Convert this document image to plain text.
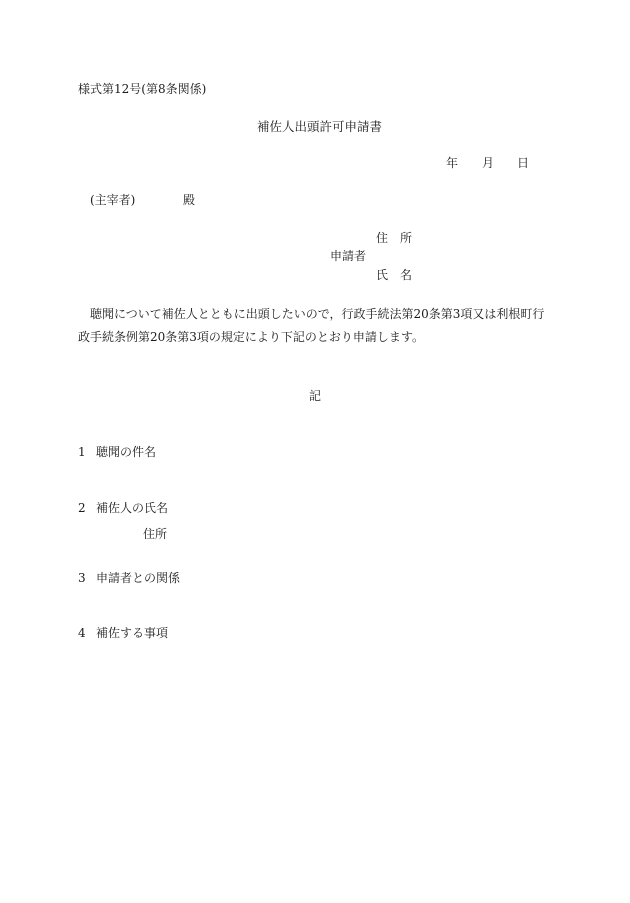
様式第12号(第8条関係)
補佐人出頭許可申請書
年 月 日
(主宰者)	殿
住　所
申請者
氏　名
聴聞について補佐人とともに出頭したいので，行政手続法第20条第3項又は利根町行政手続条例第20条第3項の規定により下記のとおり申請します。
記
1 聴聞の件名
2 補佐人の氏名
住所
3 申請者との関係
4 補佐する事項
